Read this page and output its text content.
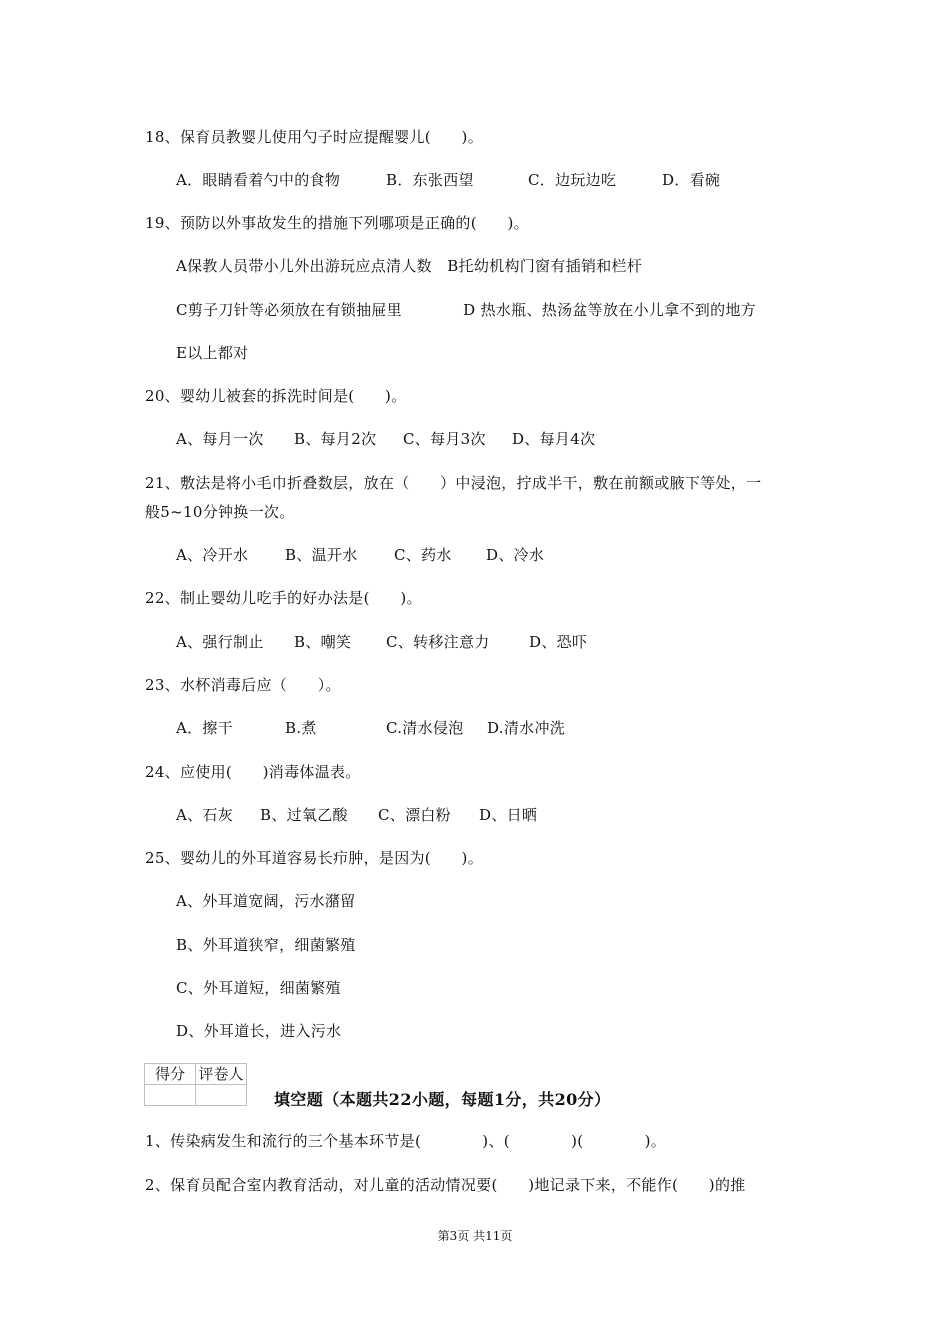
18、保育员教婴儿使用勺子时应提醒婴儿(　　)。
A．眼睛看着勺中的食物	B．东张西望	C．边玩边吃	D．看碗
19、预防以外事故发生的措施下列哪项是正确的(　　)。
A保教人员带小儿外出游玩应点清人数　B托幼机构门窗有插销和栏杆
C剪子刀针等必须放在有锁抽屉里　　　　D 热水瓶、热汤盆等放在小儿拿不到的地方
E以上都对
20、婴幼儿被套的拆洗时间是(　　)。
A、每月一次 B、每月2次 C、每月3次 D、每月4次
21、敷法是将小毛巾折叠数层，放在（　　）中浸泡，拧成半干，敷在前额或腋下等处，一
般5~10分钟换一次。
A、冷开水 B、温开水 C、药水 D、冷水
22、制止婴幼儿吃手的好办法是(　　)。
A、强行制止 B、嘲笑 C、转移注意力	D、恐吓
23、水杯消毒后应（　　）。
A．擦干	B.煮	C.清水侵泡 D.清水冲洗
24、应使用(　　)消毒体温表。
A、石灰 B、过氧乙酸 C、漂白粉 D、日晒
25、婴幼儿的外耳道容易长疖肿，是因为(　　)。
A、外耳道宽阔，污水潴留
B、外耳道狭窄，细菌繁殖
C、外耳道短，细菌繁殖
D、外耳道长，进入污水
得分	评卷人

填空题（本题共22小题，每题1分，共20分）
1、传染病发生和流行的三个基本环节是(　　　　)、(　　　　)(　　　　)。
2、保育员配合室内教育活动，对儿童的活动情况要(　　)地记录下来，不能作(　　)的推
第3页 共11页
